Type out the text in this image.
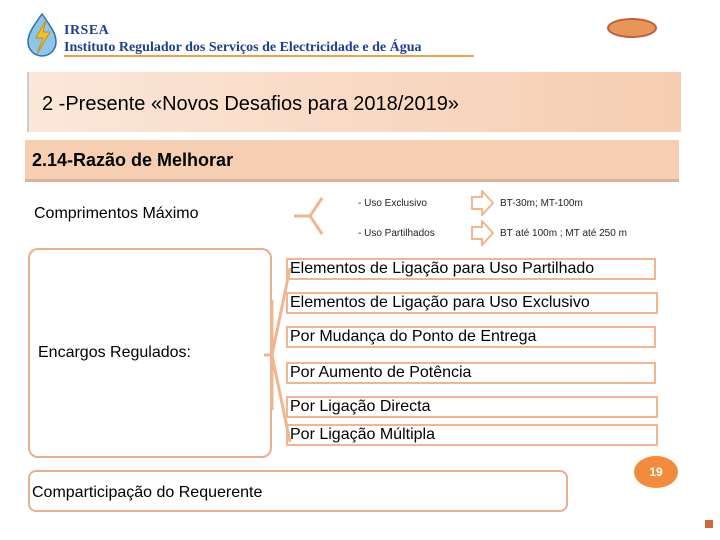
IRSEA
Instituto Regulador dos Serviços de Electricidade e de Água
2 -Presente «Novos Desafios para 2018/2019»
2.14-Razão de Melhorar
Comprimentos Máximo
- Uso Exclusivo
- Uso Partilhados
BT-30m; MT-100m
BT até 100m ; MT até 250 m
Encargos Regulados:
Elementos de Ligação para Uso Partilhado
Elementos de Ligação para Uso Exclusivo
Por Mudança do Ponto de Entrega
Por Aumento de Potência
Por Ligação Directa
Por Ligação Múltipla
Comparticipação do Requerente
19
